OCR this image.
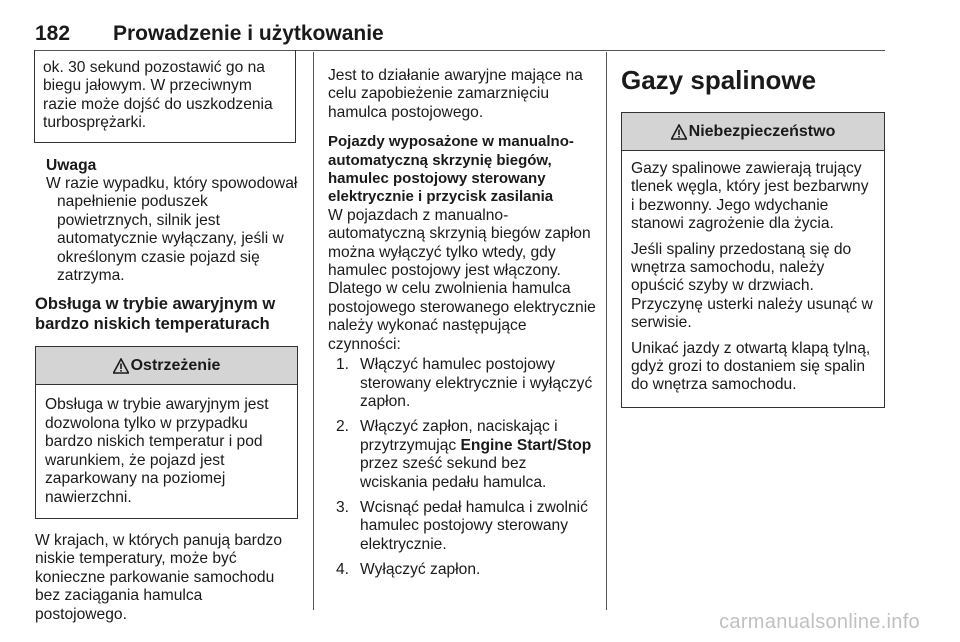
182 Prowadzenie i użytkowanie

ok. 30 sekund pozostawić go na biegu jałowym. W przeciwnym razie może dojść do uszkodzenia turbosprężarki.

Uwaga

W razie wypadku, który spowodował napełnienie poduszek powietrznych, silnik jest automatycznie wyłączany, jeśli w określonym czasie pojazd się zatrzyma.

Obsługa w trybie awaryjnym w bardzo niskich temperaturach

Ostrzeżenie

Obsługa w trybie awaryjnym jest dozwolona tylko w przypadku bardzo niskich temperatur i pod warunkiem, że pojazd jest zaparkowany na poziomej nawierzchni.

W krajach, w których panują bardzo niskie temperatury, może być konieczne parkowanie samochodu bez zaciągania hamulca postojowego.

Jest to działanie awaryjne mające na celu zapobieżenie zamarznięciu hamulca postojowego.

Pojazdy wyposażone w manualno-automatyczną skrzynię biegów, hamulec postojowy sterowany elektrycznie i przycisk zasilania

W pojazdach z manualno-automatyczną skrzynią biegów zapłon można wyłączyć tylko wtedy, gdy hamulec postojowy jest włączony. Dlatego w celu zwolnienia hamulca postojowego sterowanego elektrycznie należy wykonać następujące czynności:

1. Włączyć hamulec postojowy sterowany elektrycznie i wyłączyć zapłon.
2. Włączyć zapłon, naciskając i przytrzymując Engine Start/Stop przez sześć sekund bez wciskania pedału hamulca.
3. Wcisnąć pedał hamulca i zwolnić hamulec postojowy sterowany elektrycznie.
4. Wyłączyć zapłon.

Gazy spalinowe

Niebezpieczeństwo

Gazy spalinowe zawierają trujący tlenek węgla, który jest bezbarwny i bezwonny. Jego wdychanie stanowi zagrożenie dla życia.

Jeśli spaliny przedostaną się do wnętrza samochodu, należy opuścić szyby w drzwiach. Przyczynę usterki należy usunąć w serwisie.

Unikać jazdy z otwartą klapą tylną, gdyż grozi to dostaniem się spalin do wnętrza samochodu.

carmanualsonline.info
